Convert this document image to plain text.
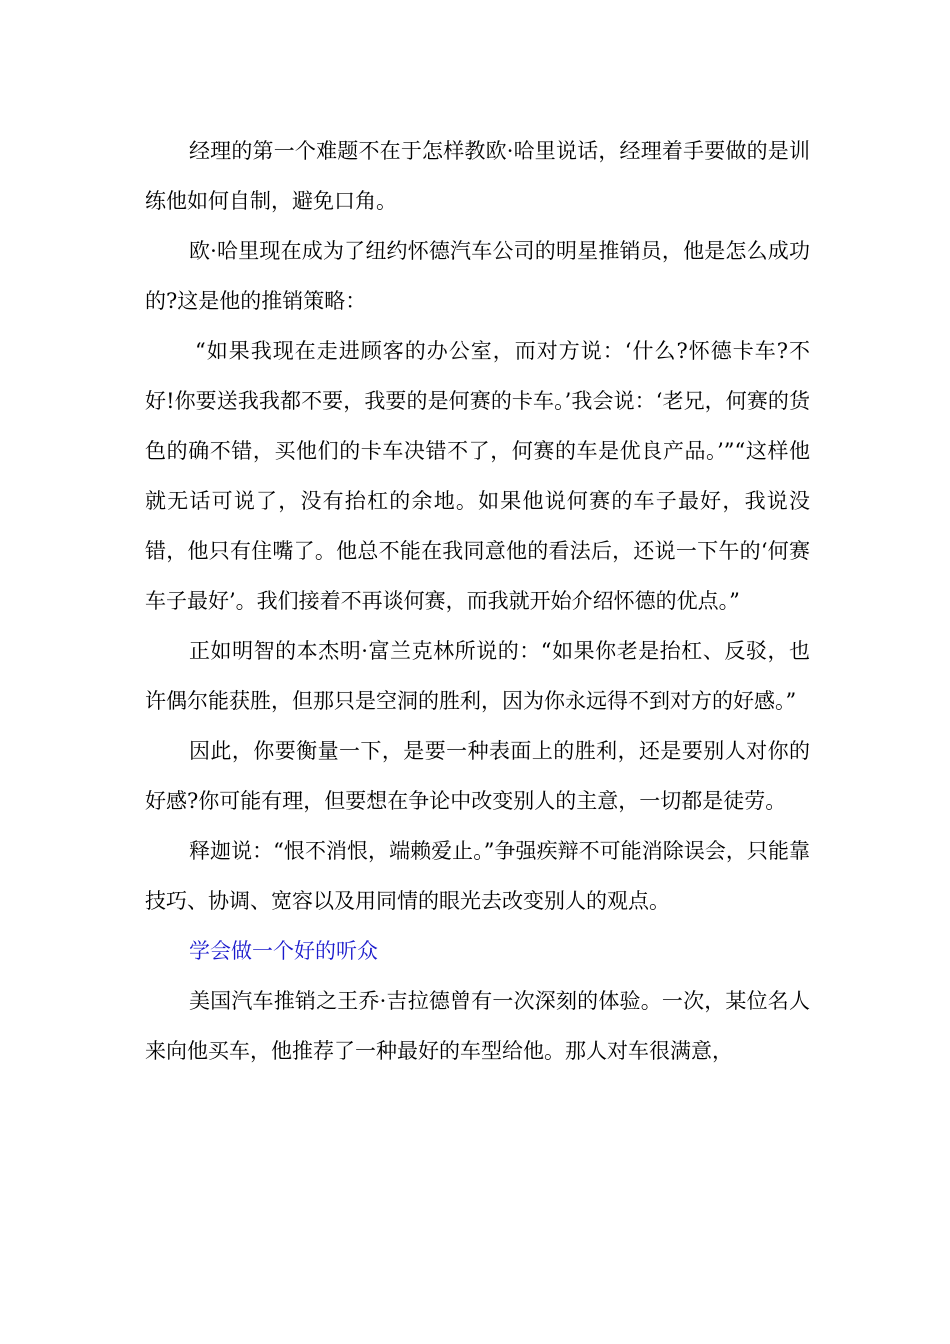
经理的第一个难题不在于怎样教欧·哈里说话，经理着手要做的是训练他如何自制，避免口角。

欧·哈里现在成为了纽约怀德汽车公司的明星推销员，他是怎么成功的?这是他的推销策略：

“如果我现在走进顾客的办公室，而对方说：‘什么?怀德卡车?不好!你要送我我都不要，我要的是何赛的卡车。’我会说：‘老兄，何赛的货色的确不错，买他们的卡车决错不了，何赛的车是优良产品。’”“这样他就无话可说了，没有抬杠的余地。如果他说何赛的车子最好，我说没错，他只有住嘴了。他总不能在我同意他的看法后，还说一下午的‘何赛车子最好’。我们接着不再谈何赛，而我就开始介绍怀德的优点。”

正如明智的本杰明·富兰克林所说的：“如果你老是抬杠、反驳，也许偶尔能获胜，但那只是空洞的胜利，因为你永远得不到对方的好感。”

因此，你要衡量一下，是要一种表面上的胜利，还是要别人对你的好感?你可能有理，但要想在争论中改变别人的主意，一切都是徒劳。

释迦说：“恨不消恨，端赖爱止。”争强疾辩不可能消除误会，只能靠技巧、协调、宽容以及用同情的眼光去改变别人的观点。

学会做一个好的听众

美国汽车推销之王乔·吉拉德曾有一次深刻的体验。一次，某位名人来向他买车，他推荐了一种最好的车型给他。那人对车很满意，
